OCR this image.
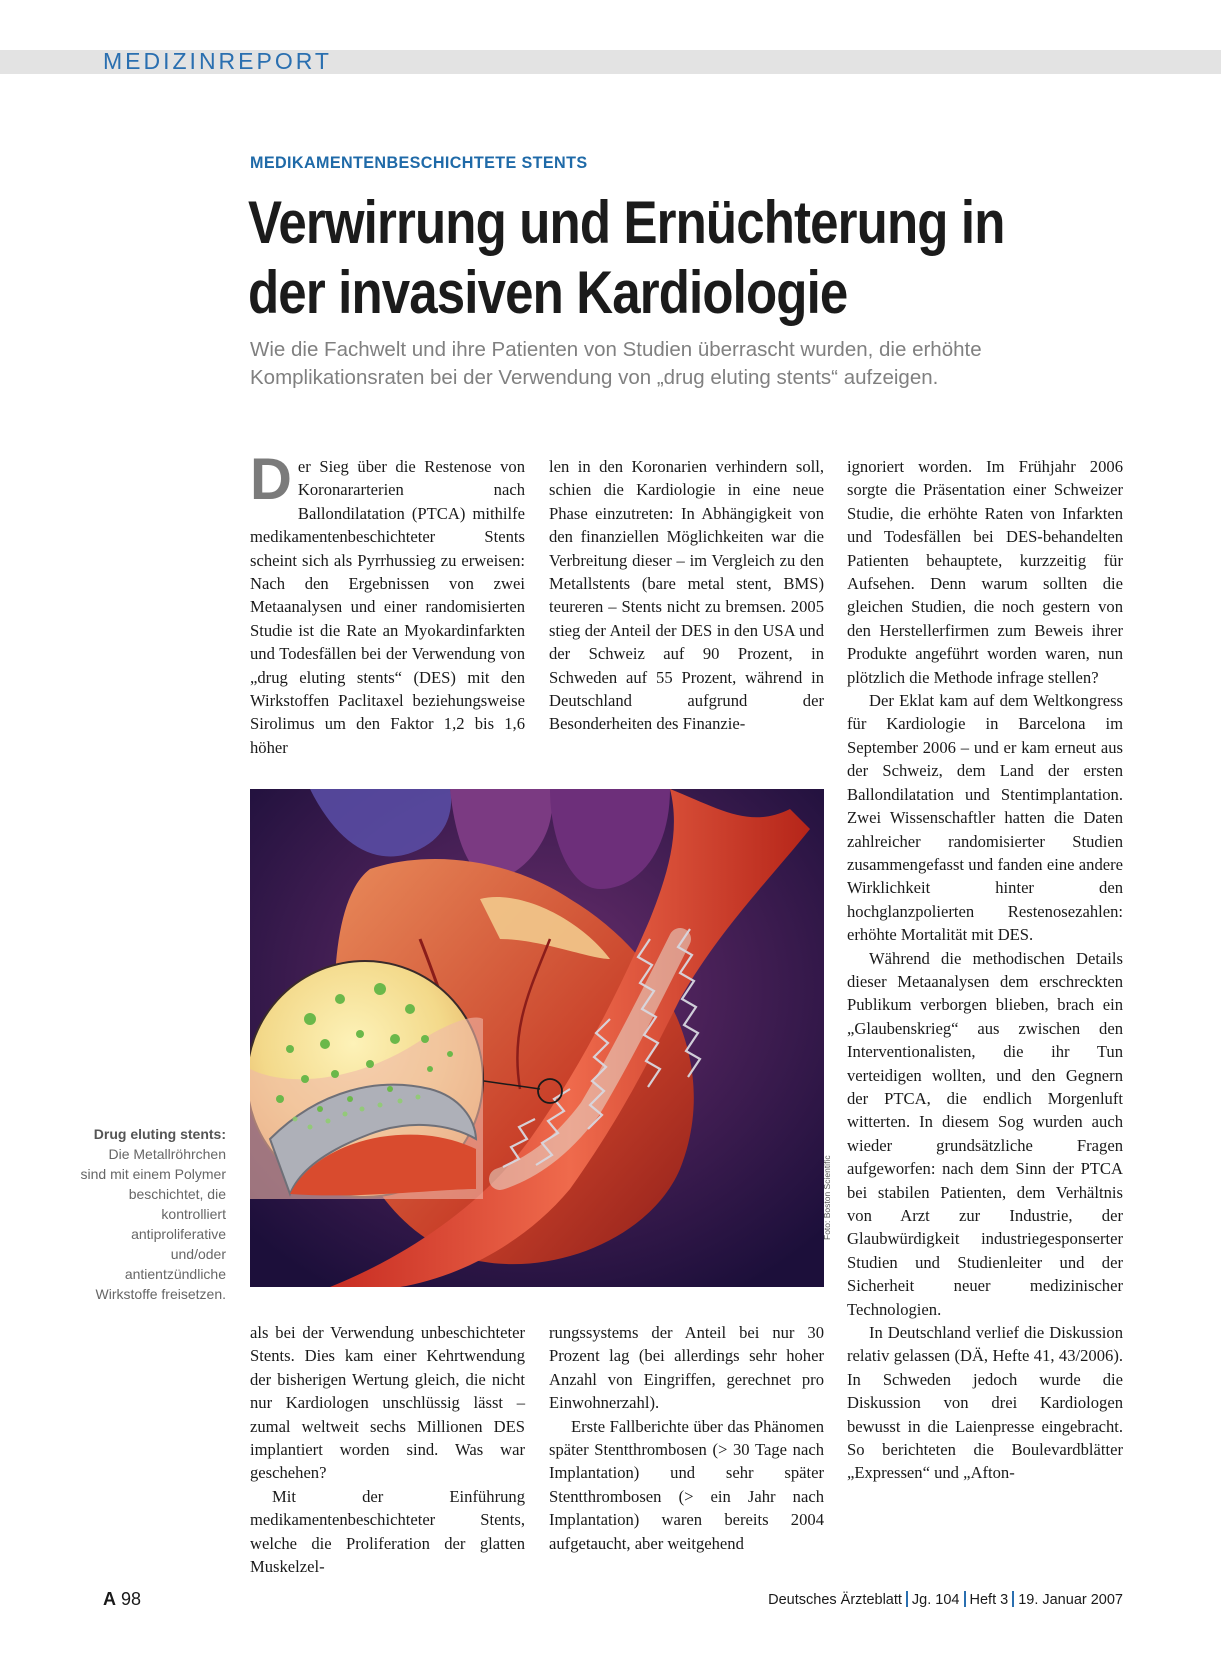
MEDIZINREPORT
MEDIKAMENTENBESCHICHTETE STENTS
Verwirrung und Ernüchterung in
der invasiven Kardiologie

Wie die Fachwelt und ihre Patienten von Studien überrascht wurden, die erhöhte Komplikationsraten bei der Verwendung von „drug eluting stents“ aufzeigen.

Der Sieg über die Restenose von Koronararterien nach Ballondilatation (PTCA) mithilfe medikamentenbeschichteter Stents scheint sich als Pyrrhussieg zu erweisen: Nach den Ergebnissen von zwei Metaanalysen und einer randomisierten Studie ist die Rate an Myokardinfarkten und Todesfällen bei der Verwendung von „drug eluting stents“ (DES) mit den Wirkstoffen Paclitaxel beziehungsweise Sirolimus um den Faktor 1,2 bis 1,6 höher

len in den Koronarien verhindern soll, schien die Kardiologie in eine neue Phase einzutreten: In Abhängigkeit von den finanziellen Möglichkeiten war die Verbreitung dieser – im Vergleich zu den Metallstents (bare metal stent, BMS) teureren – Stents nicht zu bremsen. 2005 stieg der Anteil der DES in den USA und der Schweiz auf 90 Prozent, in Schweden auf 55 Prozent, während in Deutschland aufgrund der Besonderheiten des Finanzie-

Foto: Boston Scientific
Drug eluting stents:
Die Metallröhrchen sind mit einem Polymer beschichtet, die kontrolliert antiproliferative und/oder antientzündliche Wirkstoffe freisetzen.

als bei der Verwendung unbeschichteter Stents. Dies kam einer Kehrtwendung der bisherigen Wertung gleich, die nicht nur Kardiologen unschlüssig lässt – zumal weltweit sechs Millionen DES implantiert worden sind. Was war geschehen?

Mit der Einführung medikamentenbeschichteter Stents, welche die Proliferation der glatten Muskelzel-

rungssystems der Anteil bei nur 30 Prozent lag (bei allerdings sehr hoher Anzahl von Eingriffen, gerechnet pro Einwohnerzahl).

Erste Fallberichte über das Phänomen später Stentthrombosen (> 30 Tage nach Implantation) und sehr später Stentthrombosen (> ein Jahr nach Implantation) waren bereits 2004 aufgetaucht, aber weitgehend

ignoriert worden. Im Frühjahr 2006 sorgte die Präsentation einer Schweizer Studie, die erhöhte Raten von Infarkten und Todesfällen bei DES-behandelten Patienten behauptete, kurzzeitig für Aufsehen. Denn warum sollten die gleichen Studien, die noch gestern von den Herstellerfirmen zum Beweis ihrer Produkte angeführt worden waren, nun plötzlich die Methode infrage stellen?

Der Eklat kam auf dem Weltkongress für Kardiologie in Barcelona im September 2006 – und er kam erneut aus der Schweiz, dem Land der ersten Ballondilatation und Stentimplantation. Zwei Wissenschaftler hatten die Daten zahlreicher randomisierter Studien zusammengefasst und fanden eine andere Wirklichkeit hinter den hochglanzpolierten Restenosezahlen: erhöhte Mortalität mit DES.

Während die methodischen Details dieser Metaanalysen dem erschreckten Publikum verborgen blieben, brach ein „Glaubenskrieg“ aus zwischen den Interventionalisten, die ihr Tun verteidigen wollten, und den Gegnern der PTCA, die endlich Morgenluft witterten. In diesem Sog wurden auch wieder grundsätzliche Fragen aufgeworfen: nach dem Sinn der PTCA bei stabilen Patienten, dem Verhältnis von Arzt zur Industrie, der Glaubwürdigkeit industriegesponserter Studien und Studienleiter und der Sicherheit neuer medizinischer Technologien.

In Deutschland verlief die Diskussion relativ gelassen (DÄ, Hefte 41, 43/2006). In Schweden jedoch wurde die Diskussion von drei Kardiologen bewusst in die Laienpresse eingebracht. So berichteten die Boulevardblätter „Expressen“ und „Afton-

A 98	Deutsches Ärzteblatt Jg. 104 Heft 3 19. Januar 2007
